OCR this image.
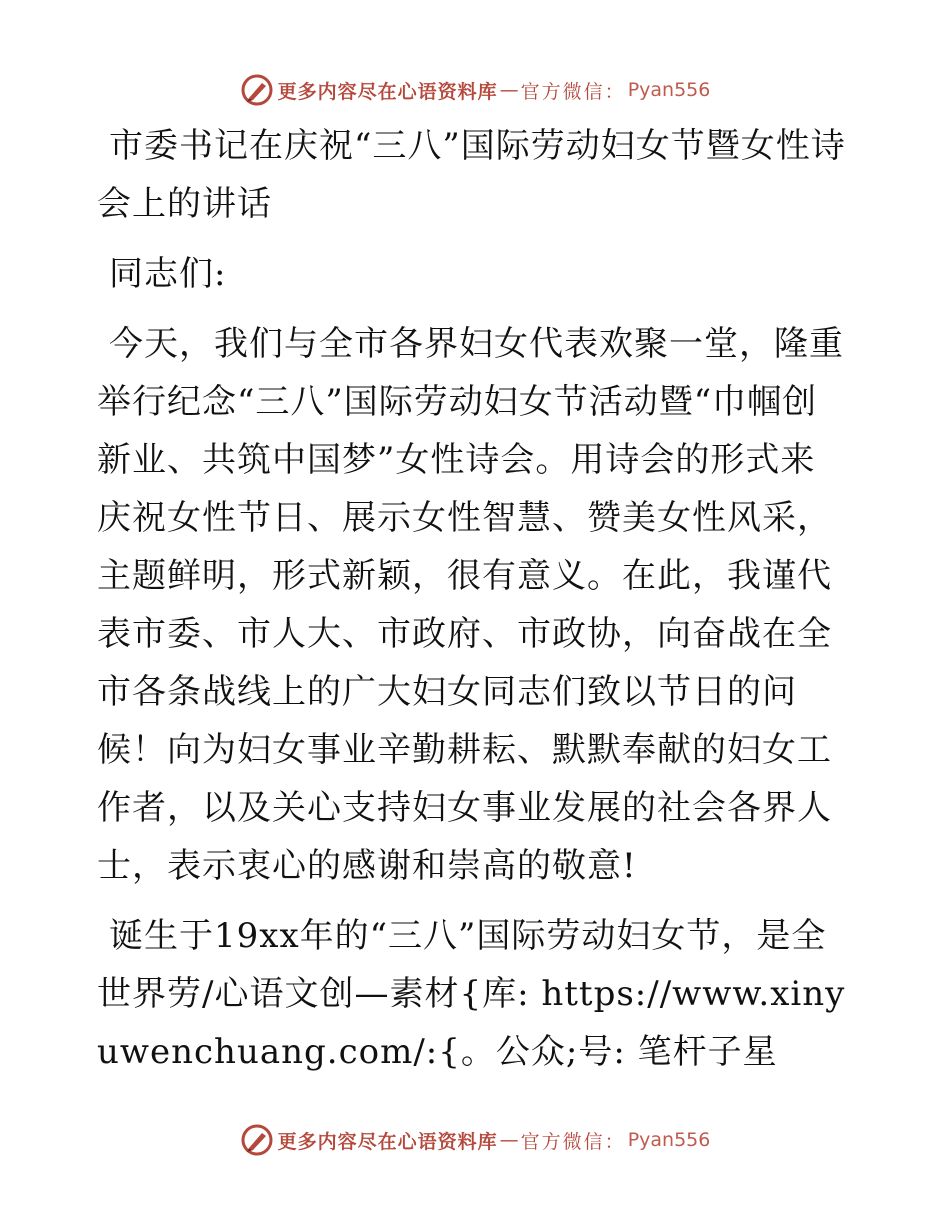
更多内容尽在心语资料库 — 官方微信： Pyan556

市委书记在庆祝“三八”国际劳动妇女节暨女性诗会上的讲话

同志们:

今天，我们与全市各界妇女代表欢聚一堂，隆重举行纪念“三八”国际劳动妇女节活动暨“巾帼创新业、共筑中国梦”女性诗会。用诗会的形式来庆祝女性节日、展示女性智慧、赞美女性风采，主题鲜明，形式新颖，很有意义。在此，我谨代表市委、市人大、市政府、市政协，向奋战在全市各条战线上的广大妇女同志们致以节日的问候！向为妇女事业辛勤耕耘、默默奉献的妇女工作者，以及关心支持妇女事业发展的社会各界人士，表示衷心的感谢和崇高的敬意!

诞生于19xx年的“三八”国际劳动妇女节，是全世界劳/心语文创—素材{库: https://www.xinyuwenchuang.com/:{。公众;号: 笔杆子星

更多内容尽在心语资料库 — 官方微信： Pyan556
